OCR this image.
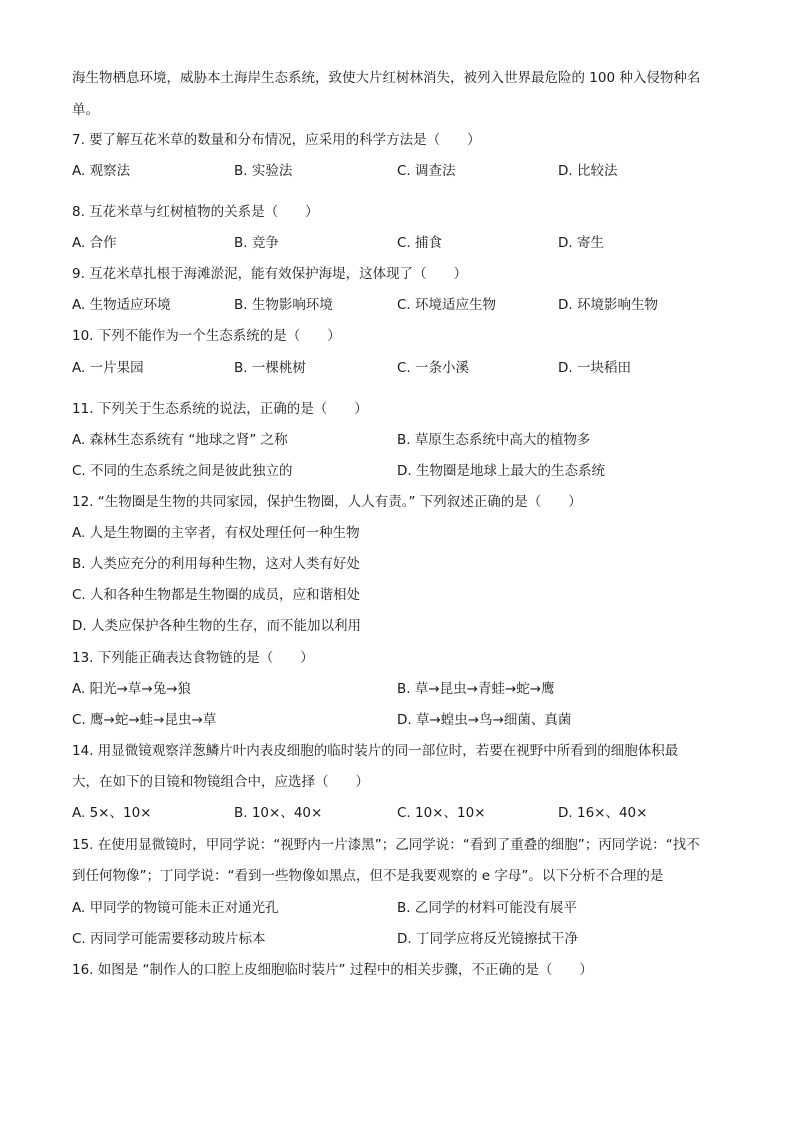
海生物栖息环境，威胁本土海岸生态系统，致使大片红树林消失，被列入世界最危险的 100 种入侵物种名
单。
7. 要了解互花米草的数量和分布情况，应采用的科学方法是（　　）
A. 观察法	B. 实验法	C. 调查法	D. 比较法
8. 互花米草与红树植物的关系是（　　）
A. 合作	B. 竞争	C. 捕食	D. 寄生
9. 互花米草扎根于海滩淤泥，能有效保护海堤，这体现了（　　）
A. 生物适应环境	B. 生物影响环境	C. 环境适应生物	D. 环境影响生物
10. 下列不能作为一个生态系统的是（　　）
A. 一片果园	B. 一棵桃树	C. 一条小溪	D. 一块稻田
11. 下列关于生态系统的说法，正确的是（　　）
A. 森林生态系统有 “地球之肾” 之称	B. 草原生态系统中高大的植物多
C. 不同的生态系统之间是彼此独立的	D. 生物圈是地球上最大的生态系统
12. “生物圈是生物的共同家园，保护生物圈，人人有责。” 下列叙述正确的是（　　）
A. 人是生物圈的主宰者，有权处理任何一种生物
B. 人类应充分的利用每种生物，这对人类有好处
C. 人和各种生物都是生物圈的成员，应和谐相处
D. 人类应保护各种生物的生存，而不能加以利用
13. 下列能正确表达食物链的是（　　）
A. 阳光→草→兔→狼	B. 草→昆虫→青蛙→蛇→鹰
C. 鹰→蛇→蛙→昆虫→草	D. 草→蝗虫→鸟→细菌、真菌
14. 用显微镜观察洋葱鳞片叶内表皮细胞的临时装片的同一部位时，若要在视野中所看到的细胞体积最
大，在如下的目镜和物镜组合中，应选择（　　）
A. 5×、10×	B. 10×、40×	C. 10×、10×	D. 16×、40×
15. 在使用显微镜时，甲同学说：“视野内一片漆黑”；乙同学说：“看到了重叠的细胞”；丙同学说：“找不
到任何物像”；丁同学说：“看到一些物像如黑点，但不是我要观察的 e 字母”。以下分析不合理的是
A. 甲同学的物镜可能未正对通光孔	B. 乙同学的材料可能没有展平
C. 丙同学可能需要移动玻片标本	D. 丁同学应将反光镜擦拭干净
16. 如图是 “制作人的口腔上皮细胞临时装片” 过程中的相关步骤，不正确的是（　　）
